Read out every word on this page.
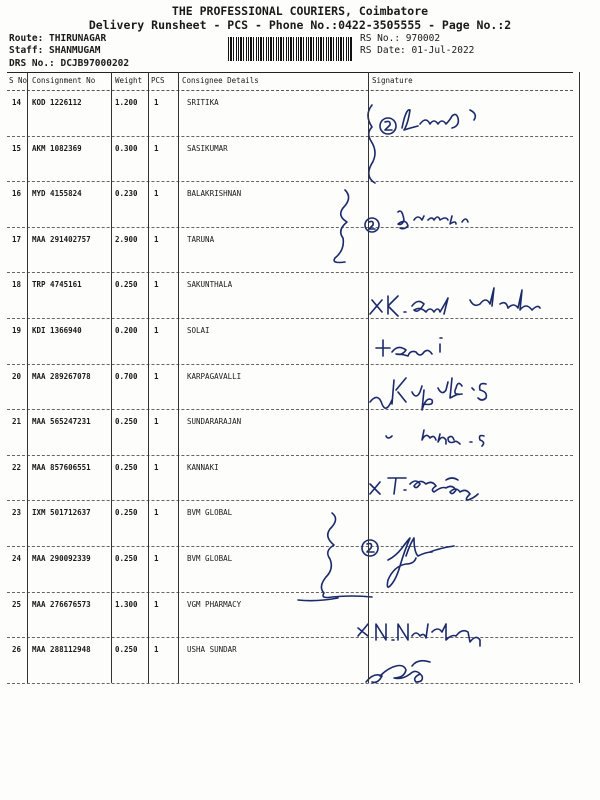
THE PROFESSIONAL COURIERS, Coimbatore
Delivery Runsheet - PCS - Phone No.:0422-3505555 - Page No.:2
Route: THIRUNAGAR
Staff: SHANMUGAM
DRS No.: DCJB97000202
RS No.: 970002
RS Date: 01-Jul-2022
S No Consignment No	Weight PCS Consignee Details	Signature
14 KOD 1226112	1.200 1	SRITIKA
15 AKM 1082369	0.300 1	SASIKUMAR
16 MYD 4155824	0.230 1	BALAKRISHNAN
17 MAA 291402757	2.900 1	TARUNA
18 TRP 4745161	0.250 1	SAKUNTHALA
19 KDI 1366940	0.200 1	SOLAI
20 MAA 289267078	0.700 1	KARPAGAVALLI
21 MAA 565247231	0.250 1	SUNDARARAJAN
22 MAA 857606551	0.250 1	KANNAKI
23 IXM 501712637	0.250 1	BVM GLOBAL
24 MAA 290092339	0.250 1	BVM GLOBAL
25 MAA 276676573	1.300 1	VGM PHARMACY
26 MAA 288112948	0.250 1	USHA SUNDAR
